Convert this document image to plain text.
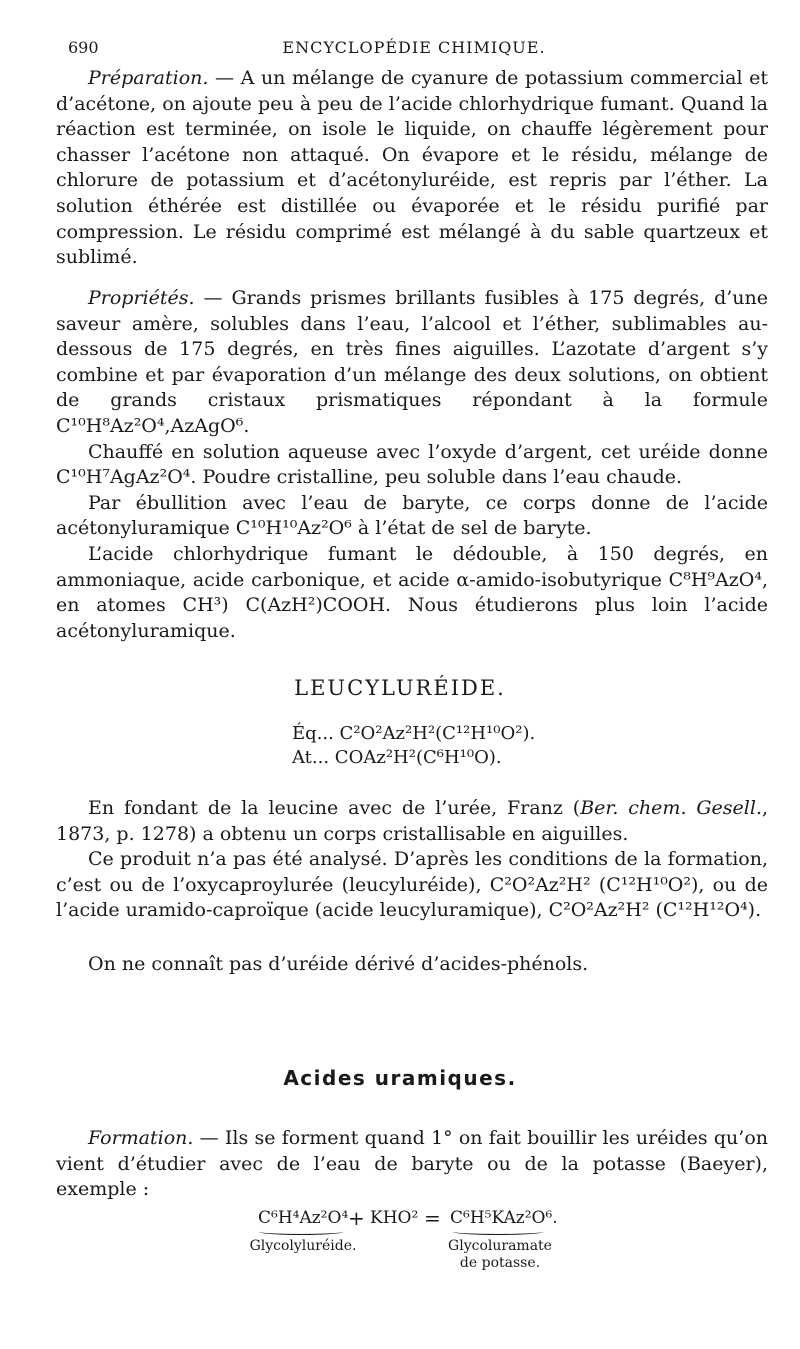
690	ENCYCLOPÉDIE CHIMIQUE.

Préparation. — A un mélange de cyanure de potassium commercial et d’acétone, on ajoute peu à peu de l’acide chlorhydrique fumant. Quand la réaction est terminée, on isole le liquide, on chauffe légèrement pour chasser l’acétone non attaqué. On évapore et le résidu, mélange de chlorure de potassium et d’acétonyluréide, est repris par l’éther. La solution éthérée est distillée ou évaporée et le résidu purifié par compression. Le résidu comprimé est mélangé à du sable quartzeux et sublimé.

Propriétés. — Grands prismes brillants fusibles à 175 degrés, d’une saveur amère, solubles dans l’eau, l’alcool et l’éther, sublimables au-dessous de 175 degrés, en très fines aiguilles. L’azotate d’argent s’y combine et par évaporation d’un mélange des deux solutions, on obtient de grands cristaux prismatiques répondant à la formule C¹⁰H⁸Az²O⁴,AzAgO⁶.

Chauffé en solution aqueuse avec l’oxyde d’argent, cet uréide donne C¹⁰H⁷AgAz²O⁴. Poudre cristalline, peu soluble dans l’eau chaude.

Par ébullition avec l’eau de baryte, ce corps donne de l’acide acétonyluramique C¹⁰H¹⁰Az²O⁶ à l’état de sel de baryte.

L’acide chlorhydrique fumant le dédouble, à 150 degrés, en ammoniaque, acide carbonique, et acide α-amido-isobutyrique C⁸H⁹AzO⁴, en atomes CH³) C(AzH²)COOH. Nous étudierons plus loin l’acide acétonyluramique.

LEUCYLURÉIDE.
Éq... C²O²Az²H²(C¹²H¹⁰O²).
At... COAz²H²(C⁶H¹⁰O).

En fondant de la leucine avec de l’urée, Franz (Ber. chem. Gesell., 1873, p. 1278) a obtenu un corps cristallisable en aiguilles.

Ce produit n’a pas été analysé. D’après les conditions de la formation, c’est ou de l’oxycaproylurée (leucyluréide), C²O²Az²H² (C¹²H¹⁰O²), ou de l’acide uramido-caproïque (acide leucyluramique), C²O²Az²H² (C¹²H¹²O⁴).

On ne connaît pas d’uréide dérivé d’acides-phénols.

Acides uramiques.

Formation. — Ils se forment quand 1° on fait bouillir les uréides qu’on vient d’étudier avec de l’eau de baryte ou de la potasse (Baeyer), exemple :

C⁶H⁴Az²O⁴ + KHO² = C⁶H⁵KAz²O⁶.
Glycolyluréide.	Glycoluramate
de potasse.
